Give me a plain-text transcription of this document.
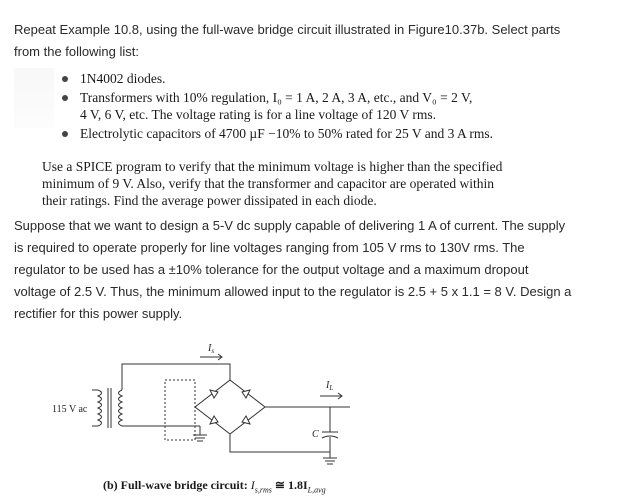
Repeat Example 10.8, using the full-wave bridge circuit illustrated in Figure10.37b. Select parts
from the following list:
1N4002 diodes.
Transformers with 10% regulation, I₀ = 1 A, 2 A, 3 A, etc., and V₀ = 2 V,
4 V, 6 V, etc. The voltage rating is for a line voltage of 120 V rms.
Electrolytic capacitors of 4700 µF −10% to 50% rated for 25 V and 3 A rms.
Use a SPICE program to verify that the minimum voltage is higher than the specified
minimum of 9 V. Also, verify that the transformer and capacitor are operated within
their ratings. Find the average power dissipated in each diode.
Suppose that we want to design a 5-V dc supply capable of delivering 1 A of current. The supply
is required to operate properly for line voltages ranging from 105 V rms to 130V rms. The
regulator to be used has a ±10% tolerance for the output voltage and a maximum dropout
voltage of 2.5 V. Thus, the minimum allowed input to the regulator is 2.5 + 5 x 1.1 = 8 V. Design a
rectifier for this power supply.
115 V ac
$I_s$
$I_L$
C
(b) Full-wave bridge circuit: $I_{s,rms}$ ≅ $1.8I_{L,avg}$
